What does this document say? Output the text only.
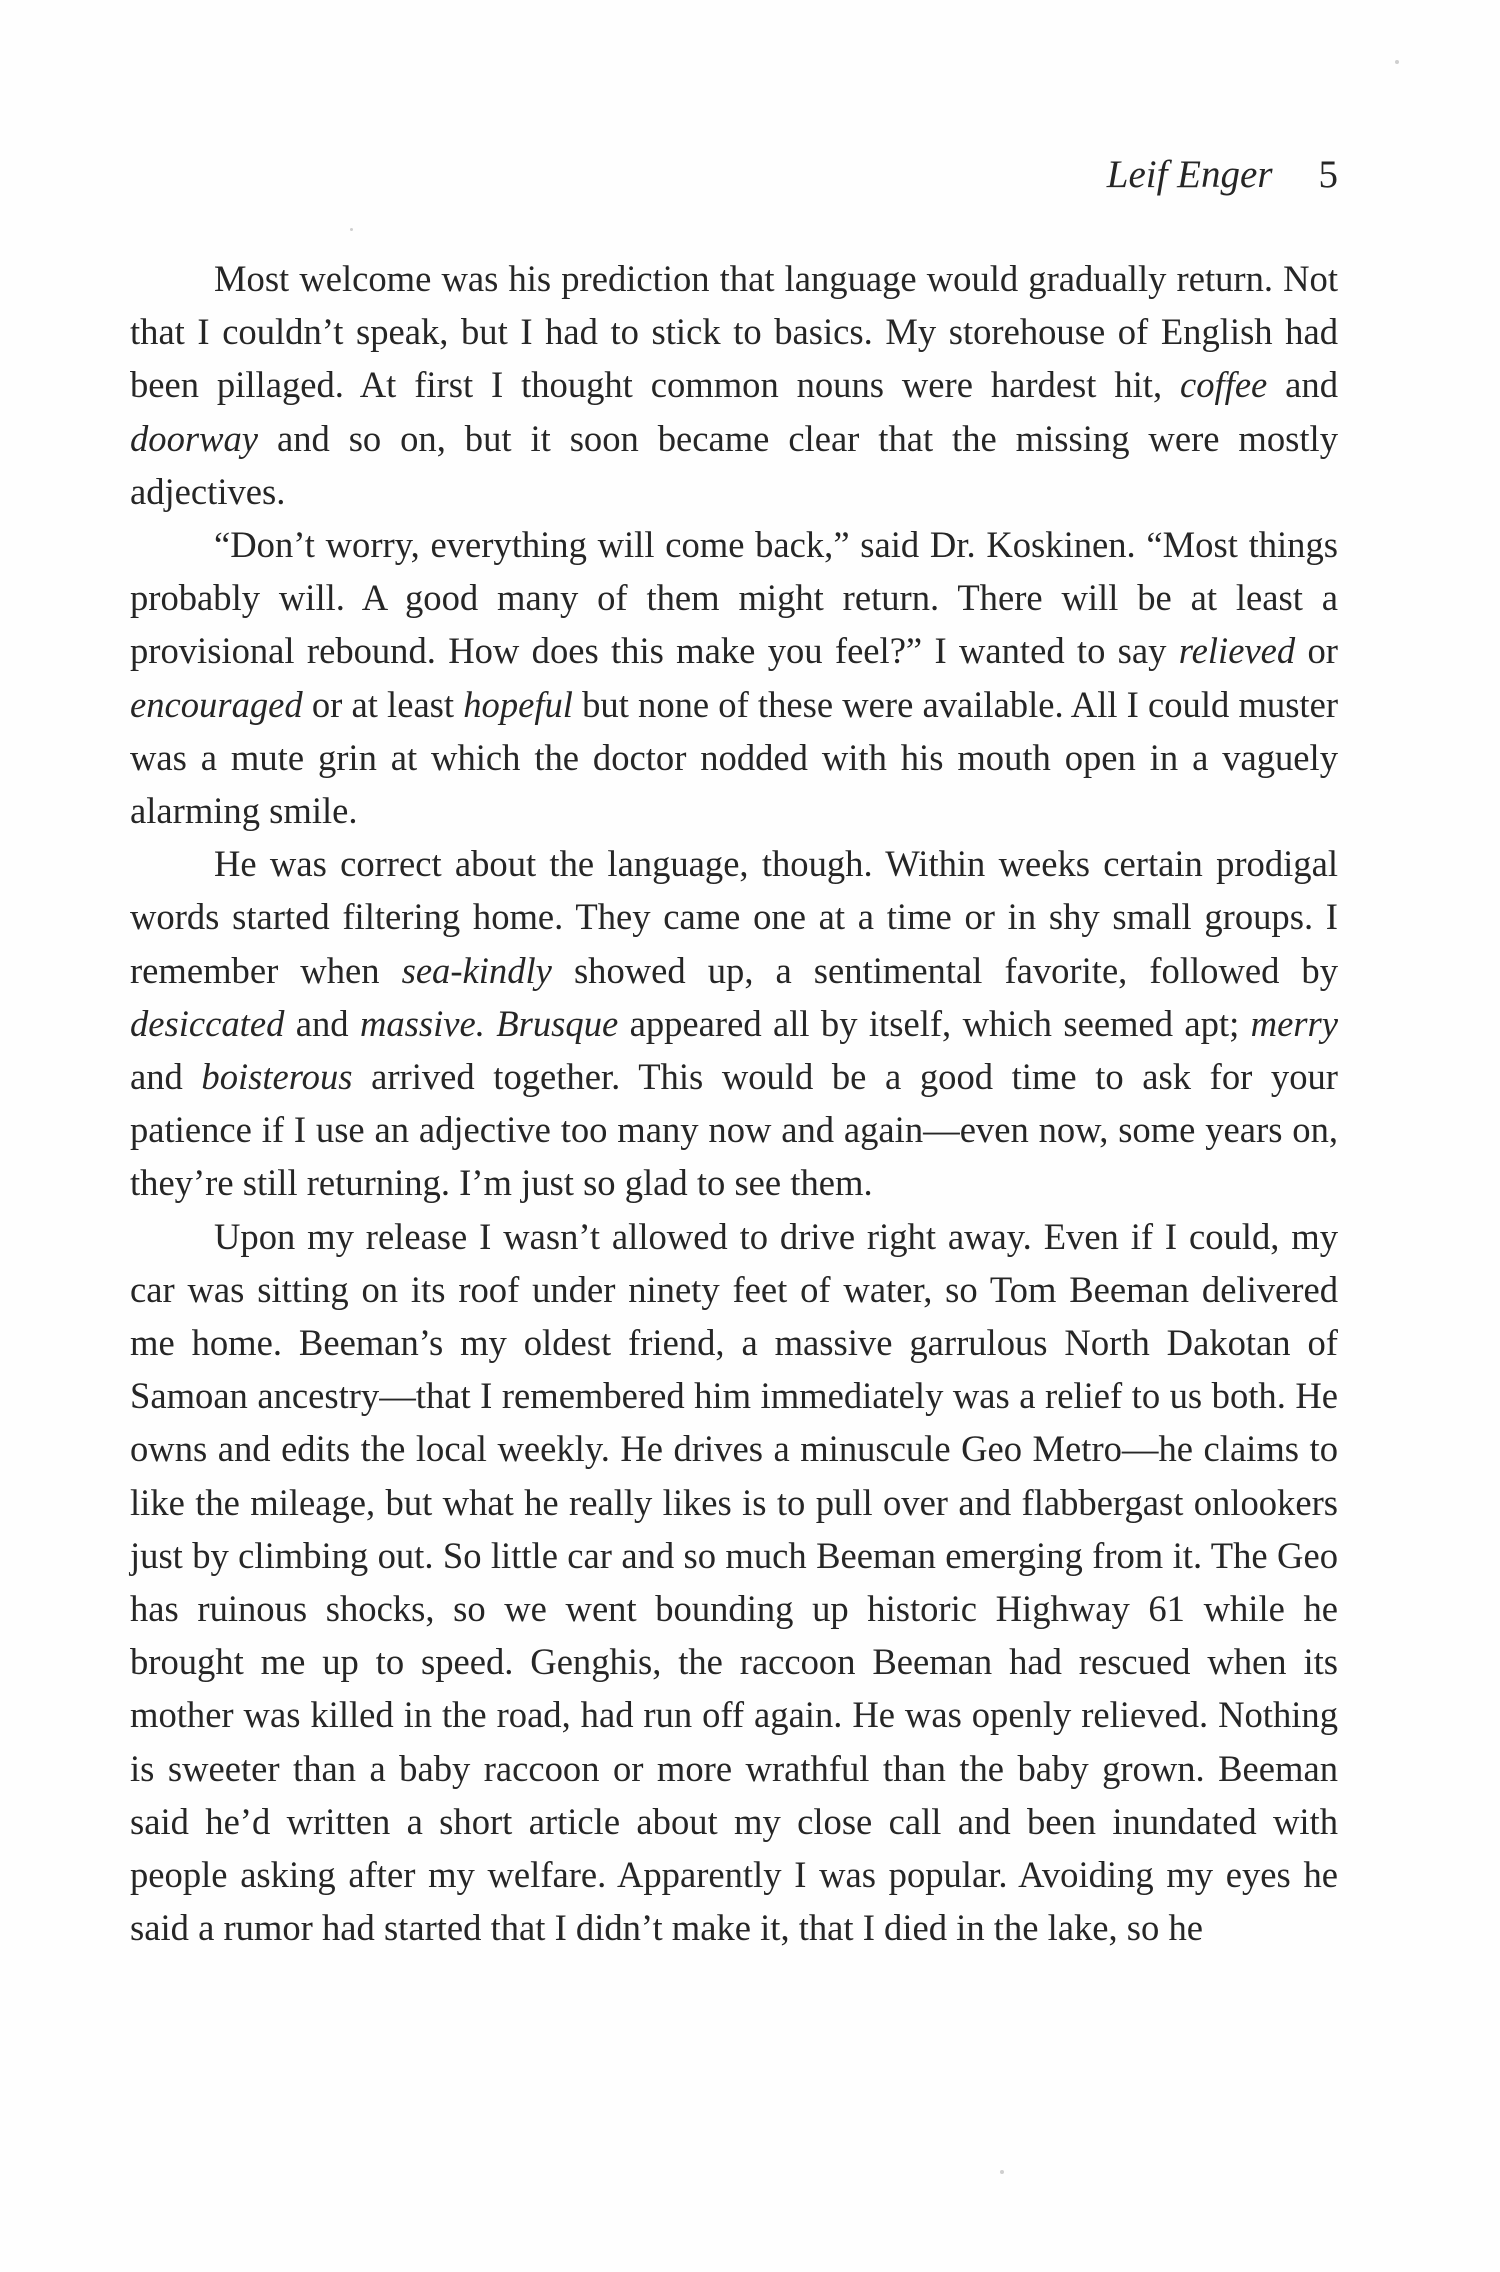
Leif Enger 5

Most welcome was his prediction that language would gradually return. Not that I couldn’t speak, but I had to stick to basics. My storehouse of English had been pillaged. At first I thought common nouns were hardest hit, coffee and doorway and so on, but it soon became clear that the missing were mostly adjectives.

“Don’t worry, everything will come back,” said Dr. Koskinen. “Most things probably will. A good many of them might return. There will be at least a provisional rebound. How does this make you feel?” I wanted to say relieved or encouraged or at least hopeful but none of these were available. All I could muster was a mute grin at which the doctor nodded with his mouth open in a vaguely alarming smile.

He was correct about the language, though. Within weeks certain prodigal words started filtering home. They came one at a time or in shy small groups. I remember when sea-kindly showed up, a sentimental favorite, followed by desiccated and massive. Brusque appeared all by itself, which seemed apt; merry and boisterous arrived together. This would be a good time to ask for your patience if I use an adjective too many now and again—even now, some years on, they’re still returning. I’m just so glad to see them.

Upon my release I wasn’t allowed to drive right away. Even if I could, my car was sitting on its roof under ninety feet of water, so Tom Beeman delivered me home. Beeman’s my oldest friend, a massive garrulous North Dakotan of Samoan ancestry—that I remembered him immediately was a relief to us both. He owns and edits the local weekly. He drives a minuscule Geo Metro—he claims to like the mileage, but what he really likes is to pull over and flabbergast onlookers just by climbing out. So little car and so much Beeman emerging from it. The Geo has ruinous shocks, so we went bounding up historic Highway 61 while he brought me up to speed. Genghis, the raccoon Beeman had rescued when its mother was killed in the road, had run off again. He was openly relieved. Nothing is sweeter than a baby raccoon or more wrathful than the baby grown. Beeman said he’d written a short article about my close call and been inundated with people asking after my welfare. Apparently I was popular. Avoiding my eyes he said a rumor had started that I didn’t make it, that I died in the lake, so he
